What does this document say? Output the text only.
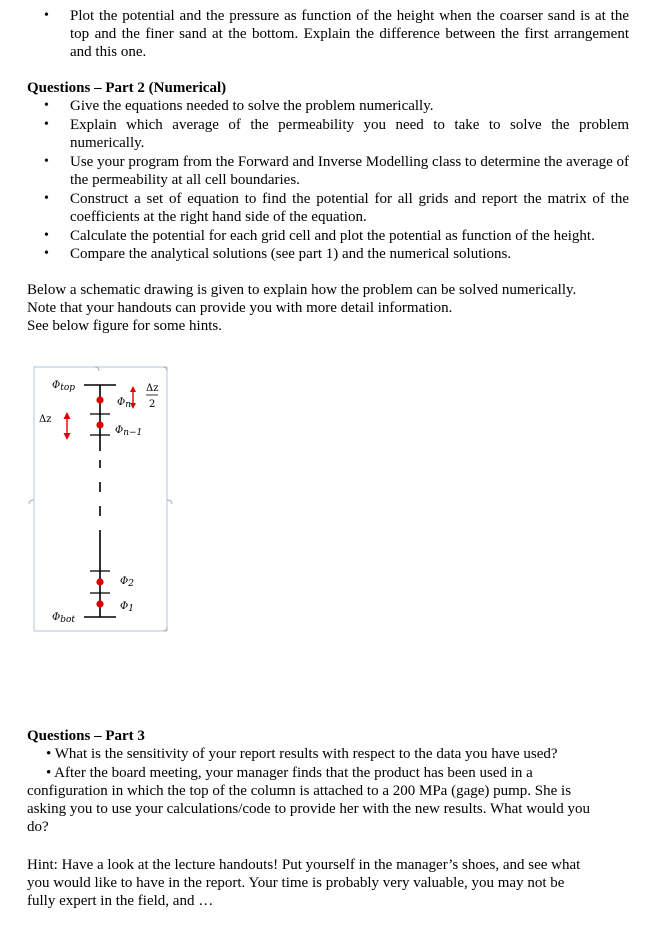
• Plot the potential and the pressure as function of the height when the coarser sand is at the top and the finer sand at the bottom. Explain the difference between the first arrangement and this one.
Questions – Part 2 (Numerical)
• Give the equations needed to solve the problem numerically.
• Explain which average of the permeability you need to take to solve the problem numerically.
• Use your program from the Forward and Inverse Modelling class to determine the average of the permeability at all cell boundaries.
• Construct a set of equation to find the potential for all grids and report the matrix of the coefficients at the right hand side of the equation.
• Calculate the potential for each grid cell and plot the potential as function of the height.
• Compare the analytical solutions (see part 1) and the numerical solutions.
Below a schematic drawing is given to explain how the problem can be solved numerically.
Note that your handouts can provide you with more detail information.
See below figure for some hints.
Φtop
Δz
Δz
2
Φn
Φn−1
Φ2
Φ1
Φbot
Questions – Part 3
• What is the sensitivity of your report results with respect to the data you have used?
• After the board meeting, your manager finds that the product has been used in a
configuration in which the top of the column is attached to a 200 MPa (gage) pump. She is
asking you to use your calculations/code to provide her with the new results. What would you
do?
Hint: Have a look at the lecture handouts! Put yourself in the manager’s shoes, and see what
you would like to have in the report. Your time is probably very valuable, you may not be
fully expert in the field, and …
